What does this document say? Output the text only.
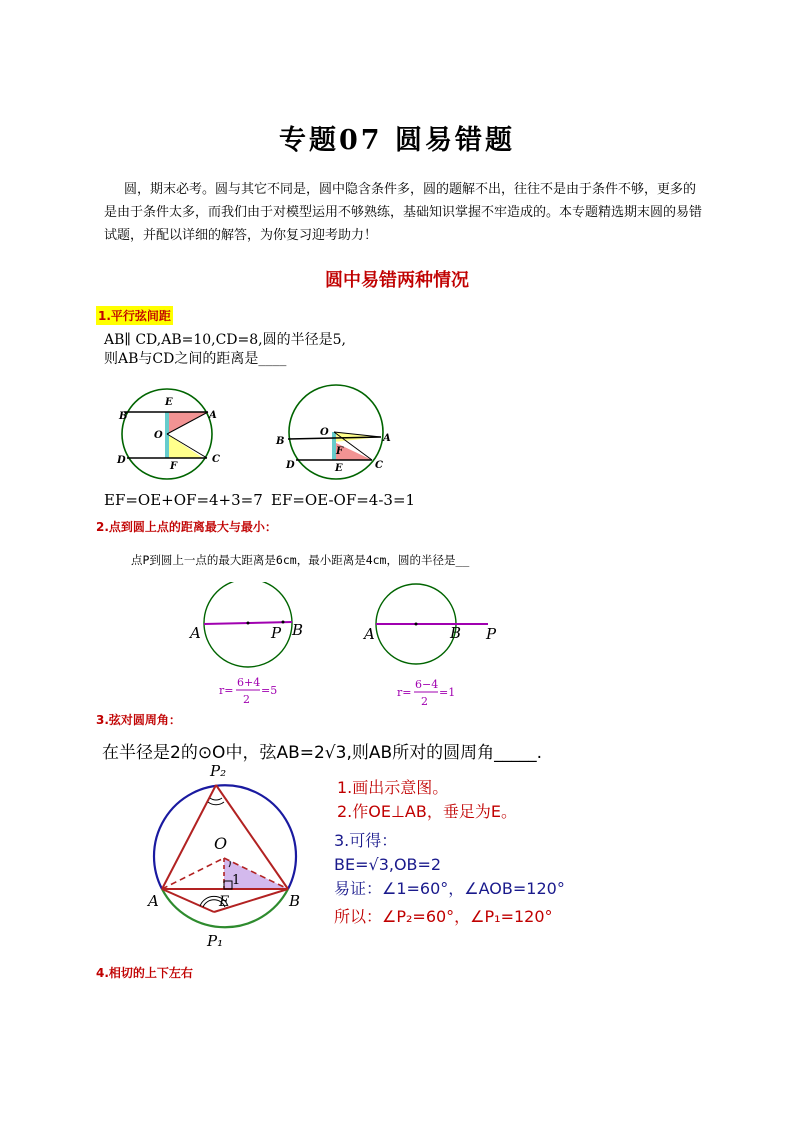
专题07 圆易错题
圆，期末必考。圆与其它不同是，圆中隐含条件多，圆的题解不出，往往不是由于条件不够，更多的是由于条件太多，而我们由于对模型运用不够熟练，基础知识掌握不牢造成的。本专题精选期末圆的易错试题，并配以详细的解答，为你复习迎考助力！
圆中易错两种情况
1.平行弦间距
AB∥ CD,AB=10,CD=8,圆的半径是5,
则AB与CD之间的距离是____
B	A
E
O
D
F
C
O
B	A
F
D	E	C
EF=OE+OF=4+3=7 EF=OE-OF=4-3=1
2.点到圆上点的距离最大与最小：
点P到圆上一点的最大距离是6cm，最小距离是4cm，圆的半径是__
A	P B	A	B P
r=
6+4
2
=5	r=
6−4
2
=1
3.弦对圆周角：
在半径是2的⊙O中，弦AB=2√3,则AB所对的圆周角_____.
P₂
O
1
A	B
E
P₁
1.画出示意图。
2.作OE⊥AB，垂足为E。
3.可得：
BE=√3,OB=2
易证：∠1=60°，∠AOB=120°
所以：∠P₂=60°，∠P₁=120°
4.相切的上下左右
